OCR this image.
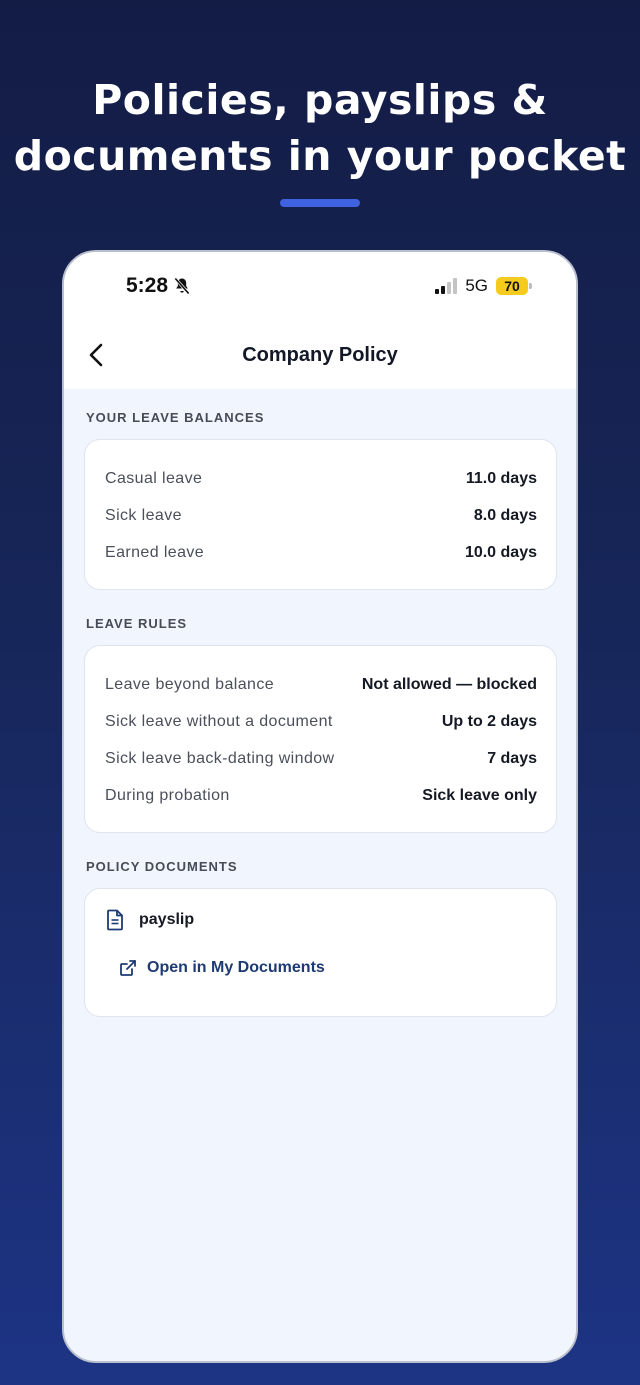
Policies, payslips &
documents in your pocket
5:28	5G	70
Company Policy
YOUR LEAVE BALANCES
Casual leave	11.0 days
Sick leave	8.0 days
Earned leave	10.0 days
LEAVE RULES
Leave beyond balance	Not allowed — blocked
Sick leave without a document	Up to 2 days
Sick leave back-dating window	7 days
During probation	Sick leave only
POLICY DOCUMENTS
payslip
Open in My Documents
